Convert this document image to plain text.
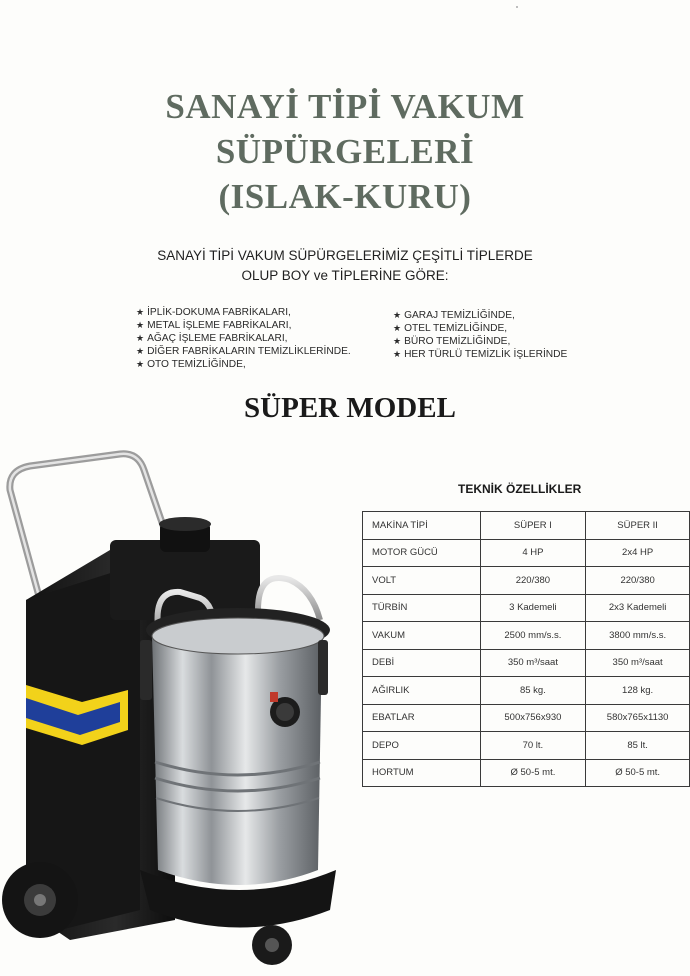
SANAYİ TİPİ VAKUM
SÜPÜRGELERİ
(ISLAK-KURU)
SANAYİ TİPİ VAKUM SÜPÜRGELERİMİZ ÇEŞİTLİ TİPLERDE
OLUP BOY ve TİPLERİNE GÖRE:
★ İPLİK-DOKUMA FABRİKALARI,
★ METAL İŞLEME FABRİKALARI,
★ AĞAÇ İŞLEME FABRİKALARI,
★ DİĞER FABRİKALARIN TEMİZLİKLERİNDE.
★ OTO TEMİZLİĞİNDE,
★ GARAJ TEMİZLİĞİNDE,
★ OTEL TEMİZLİĞİNDE,
★ BÜRO TEMİZLİĞİNDE,
★ HER TÜRLÜ TEMİZLİK İŞLERİNDE
SÜPER MODEL
TEKNİK ÖZELLİKLER
MAKİNA TİPİ	SÜPER I	SÜPER II
MOTOR GÜCÜ	4 HP	2x4 HP
VOLT	220/380	220/380
TÜRBİN	3 Kademeli	2x3 Kademeli
VAKUM	2500 mm/s.s.	3800 mm/s.s.
DEBİ	350 m³/saat	350 m³/saat
AĞIRLIK	85 kg.	128 kg.
EBATLAR	500x756x930	580x765x1130
DEPO	70 lt.	85 lt.
HORTUM	Ø 50-5 mt.	Ø 50-5 mt.
